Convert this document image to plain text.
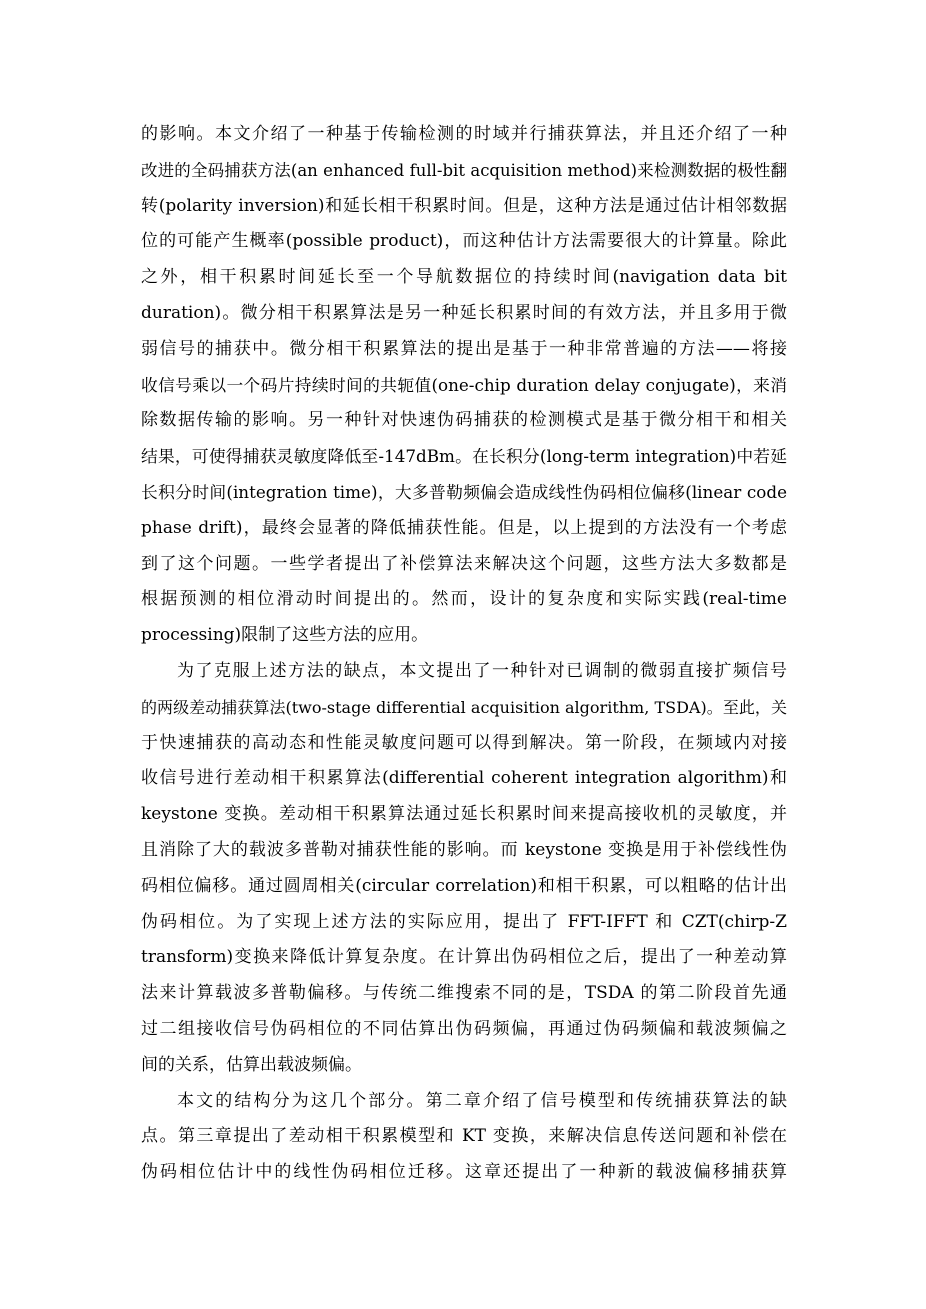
的影响。本文介绍了一种基于传输检测的时域并行捕获算法，并且还介绍了一种
改进的全码捕获方法(an enhanced full-bit acquisition method)来检测数据的极性翻
转(polarity inversion)和延长相干积累时间。但是，这种方法是通过估计相邻数据
位的可能产生概率(possible product)，而这种估计方法需要很大的计算量。除此
之外，相干积累时间延长至一个导航数据位的持续时间(navigation data bit
duration)。微分相干积累算法是另一种延长积累时间的有效方法，并且多用于微
弱信号的捕获中。微分相干积累算法的提出是基于一种非常普遍的方法——将接
收信号乘以一个码片持续时间的共轭值(one-chip duration delay conjugate)，来消
除数据传输的影响。另一种针对快速伪码捕获的检测模式是基于微分相干和相关
结果，可使得捕获灵敏度降低至-147dBm。在长积分(long-term integration)中若延
长积分时间(integration time)，大多普勒频偏会造成线性伪码相位偏移(linear code
phase drift)，最终会显著的降低捕获性能。但是，以上提到的方法没有一个考虑
到了这个问题。一些学者提出了补偿算法来解决这个问题，这些方法大多数都是
根据预测的相位滑动时间提出的。然而，设计的复杂度和实际实践(real-time
processing)限制了这些方法的应用。
为了克服上述方法的缺点，本文提出了一种针对已调制的微弱直接扩频信号
的两级差动捕获算法(two-stage differential acquisition algorithm, TSDA)。至此，关
于快速捕获的高动态和性能灵敏度问题可以得到解决。第一阶段，在频域内对接
收信号进行差动相干积累算法(differential coherent integration algorithm)和
keystone 变换。差动相干积累算法通过延长积累时间来提高接收机的灵敏度，并
且消除了大的载波多普勒对捕获性能的影响。而 keystone 变换是用于补偿线性伪
码相位偏移。通过圆周相关(circular correlation)和相干积累，可以粗略的估计出
伪码相位。为了实现上述方法的实际应用，提出了 FFT-IFFT 和 CZT(chirp-Z
transform)变换来降低计算复杂度。在计算出伪码相位之后，提出了一种差动算
法来计算载波多普勒偏移。与传统二维搜索不同的是，TSDA 的第二阶段首先通
过二组接收信号伪码相位的不同估算出伪码频偏，再通过伪码频偏和载波频偏之
间的关系，估算出载波频偏。
本文的结构分为这几个部分。第二章介绍了信号模型和传统捕获算法的缺
点。第三章提出了差动相干积累模型和 KT 变换，来解决信息传送问题和补偿在
伪码相位估计中的线性伪码相位迁移。这章还提出了一种新的载波偏移捕获算
